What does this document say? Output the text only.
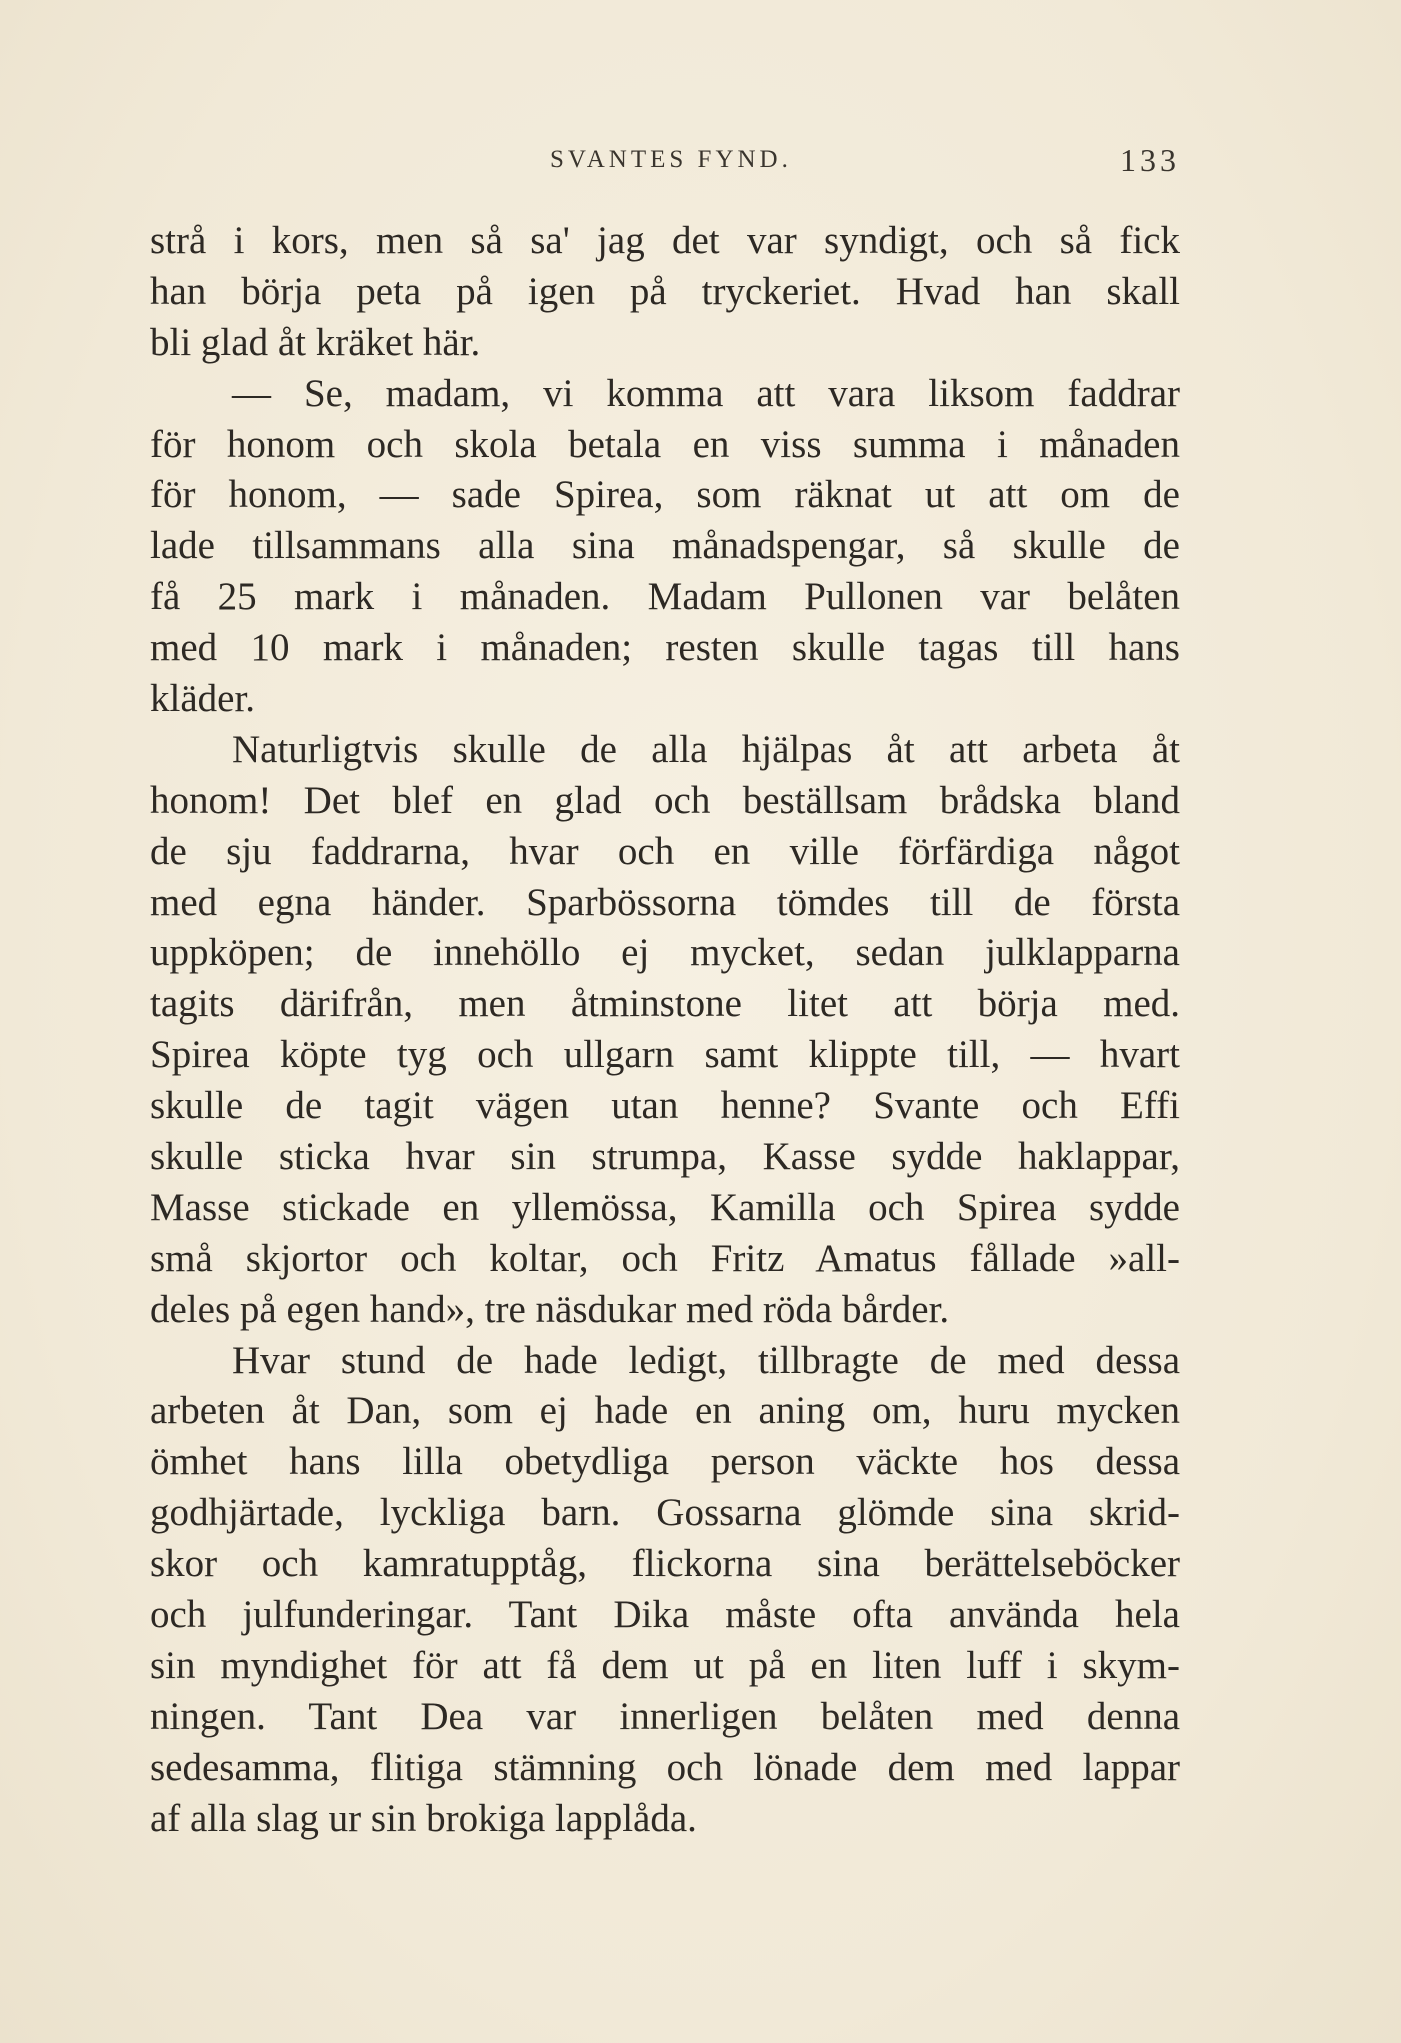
SVANTES FYND.	133
strå i kors, men så sa' jag det var syndigt, och så fick
han börja peta på igen på tryckeriet. Hvad han skall
bli glad åt kräket här.
— Se, madam, vi komma att vara liksom faddrar
för honom och skola betala en viss summa i månaden
för honom, — sade Spirea, som räknat ut att om de
lade tillsammans alla sina månadspengar, så skulle de
få 25 mark i månaden. Madam Pullonen var belåten
med 10 mark i månaden; resten skulle tagas till hans
kläder.
Naturligtvis skulle de alla hjälpas åt att arbeta åt
honom! Det blef en glad och beställsam brådska bland
de sju faddrarna, hvar och en ville förfärdiga något
med egna händer. Sparbössorna tömdes till de första
uppköpen; de innehöllo ej mycket, sedan julklapparna
tagits därifrån, men åtminstone litet att börja med.
Spirea köpte tyg och ullgarn samt klippte till, — hvart
skulle de tagit vägen utan henne? Svante och Effi
skulle sticka hvar sin strumpa, Kasse sydde haklappar,
Masse stickade en yllemössa, Kamilla och Spirea sydde
små skjortor och koltar, och Fritz Amatus fållade »all-
deles på egen hand», tre näsdukar med röda bårder.
Hvar stund de hade ledigt, tillbragte de med dessa
arbeten åt Dan, som ej hade en aning om, huru mycken
ömhet hans lilla obetydliga person väckte hos dessa
godhjärtade, lyckliga barn. Gossarna glömde sina skrid-
skor och kamratupptåg, flickorna sina berättelseböcker
och julfunderingar. Tant Dika måste ofta använda hela
sin myndighet för att få dem ut på en liten luff i skym-
ningen. Tant Dea var innerligen belåten med denna
sedesamma, flitiga stämning och lönade dem med lappar
af alla slag ur sin brokiga lapplåda.
